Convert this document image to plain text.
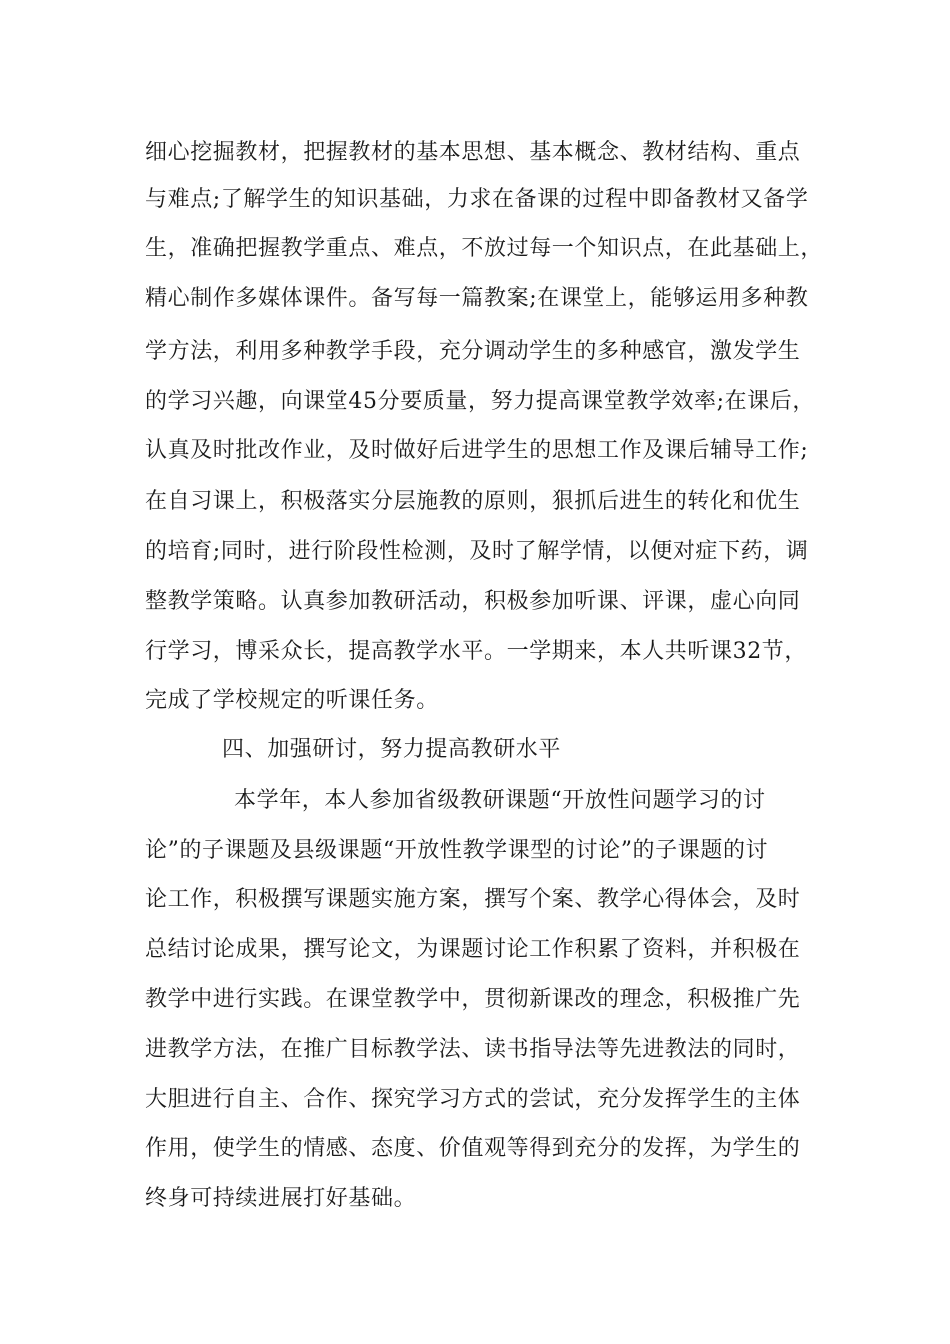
细心挖掘教材，把握教材的基本思想、基本概念、教材结构、重点
与难点;了解学生的知识基础，力求在备课的过程中即备教材又备学
生，准确把握教学重点、难点，不放过每一个知识点，在此基础上，
精心制作多媒体课件。备写每一篇教案;在课堂上，能够运用多种教
学方法，利用多种教学手段，充分调动学生的多种感官，激发学生
的学习兴趣，向课堂45分要质量，努力提高课堂教学效率;在课后，
认真及时批改作业，及时做好后进学生的思想工作及课后辅导工作;
在自习课上，积极落实分层施教的原则，狠抓后进生的转化和优生
的培育;同时，进行阶段性检测，及时了解学情，以便对症下药，调
整教学策略。认真参加教研活动，积极参加听课、评课，虚心向同
行学习，博采众长，提高教学水平。一学期来，本人共听课32节，
完成了学校规定的听课任务。
四、加强研讨，努力提高教研水平
本学年，本人参加省级教研课题“开放性问题学习的讨
论”的子课题及县级课题“开放性教学课型的讨论”的子课题的讨
论工作，积极撰写课题实施方案，撰写个案、教学心得体会，及时
总结讨论成果，撰写论文，为课题讨论工作积累了资料，并积极在
教学中进行实践。在课堂教学中，贯彻新课改的理念，积极推广先
进教学方法，在推广目标教学法、读书指导法等先进教法的同时，
大胆进行自主、合作、探究学习方式的尝试，充分发挥学生的主体
作用，使学生的情感、态度、价值观等得到充分的发挥，为学生的
终身可持续进展打好基础。
